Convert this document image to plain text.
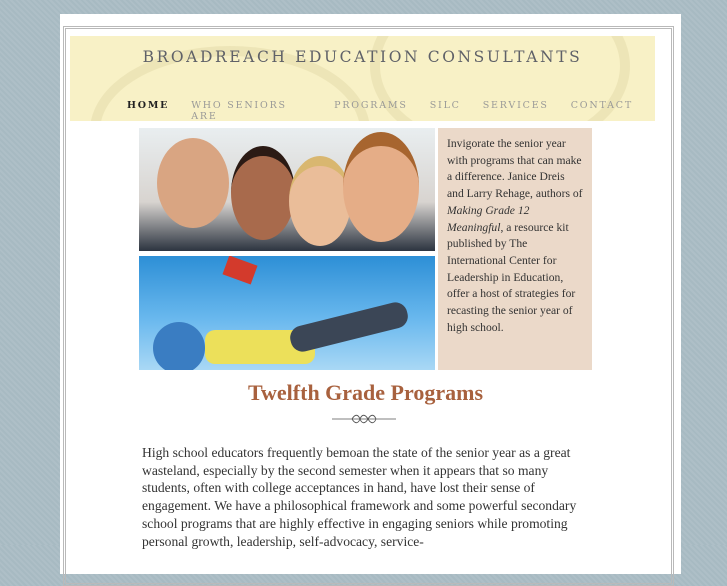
BROADREACH EDUCATION CONSULTANTS
HOME WHO SENIORS ARE
PROGRAMS SILC SERVICES CONTACT
Invigorate the senior year with programs that can make a difference. Janice Dreis and Larry Rehage, authors of Making Grade 12 Meaningful, a resource kit published by The International Center for Leadership in Education, offer a host of strategies for recasting the senior year of high school.
Twelfth Grade Programs
High school educators frequently bemoan the state of the senior year as a great wasteland, especially by the second semester when it appears that so many students, often with college acceptances in hand, have lost their sense of engagement. We have a philosophical framework and some powerful secondary school programs that are highly effective in engaging seniors while promoting personal growth, leadership, self-advocacy, service-
